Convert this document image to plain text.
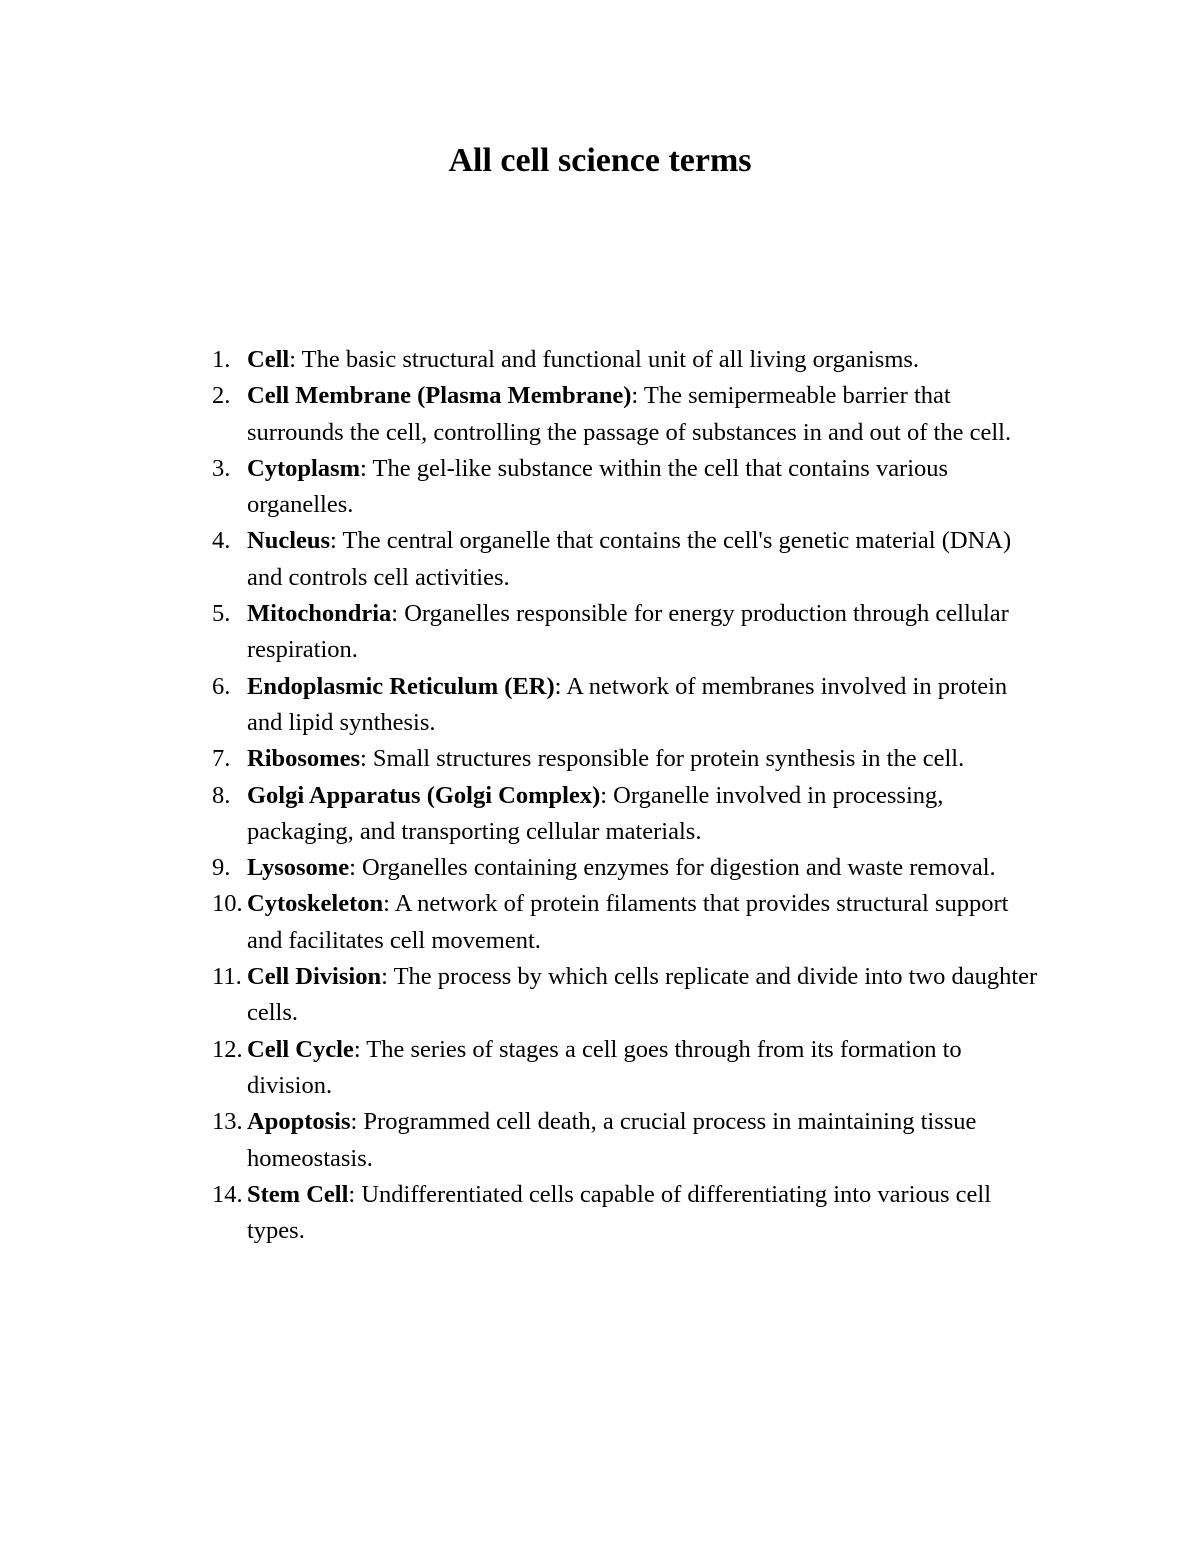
All cell science terms
1. Cell: The basic structural and functional unit of all living organisms.
2. Cell Membrane (Plasma Membrane): The semipermeable barrier that surrounds the cell, controlling the passage of substances in and out of the cell.
3. Cytoplasm: The gel-like substance within the cell that contains various organelles.
4. Nucleus: The central organelle that contains the cell's genetic material (DNA) and controls cell activities.
5. Mitochondria: Organelles responsible for energy production through cellular respiration.
6. Endoplasmic Reticulum (ER): A network of membranes involved in protein and lipid synthesis.
7. Ribosomes: Small structures responsible for protein synthesis in the cell.
8. Golgi Apparatus (Golgi Complex): Organelle involved in processing, packaging, and transporting cellular materials.
9. Lysosome: Organelles containing enzymes for digestion and waste removal.
10. Cytoskeleton: A network of protein filaments that provides structural support and facilitates cell movement.
11. Cell Division: The process by which cells replicate and divide into two daughter cells.
12. Cell Cycle: The series of stages a cell goes through from its formation to division.
13. Apoptosis: Programmed cell death, a crucial process in maintaining tissue homeostasis.
14. Stem Cell: Undifferentiated cells capable of differentiating into various cell types.
